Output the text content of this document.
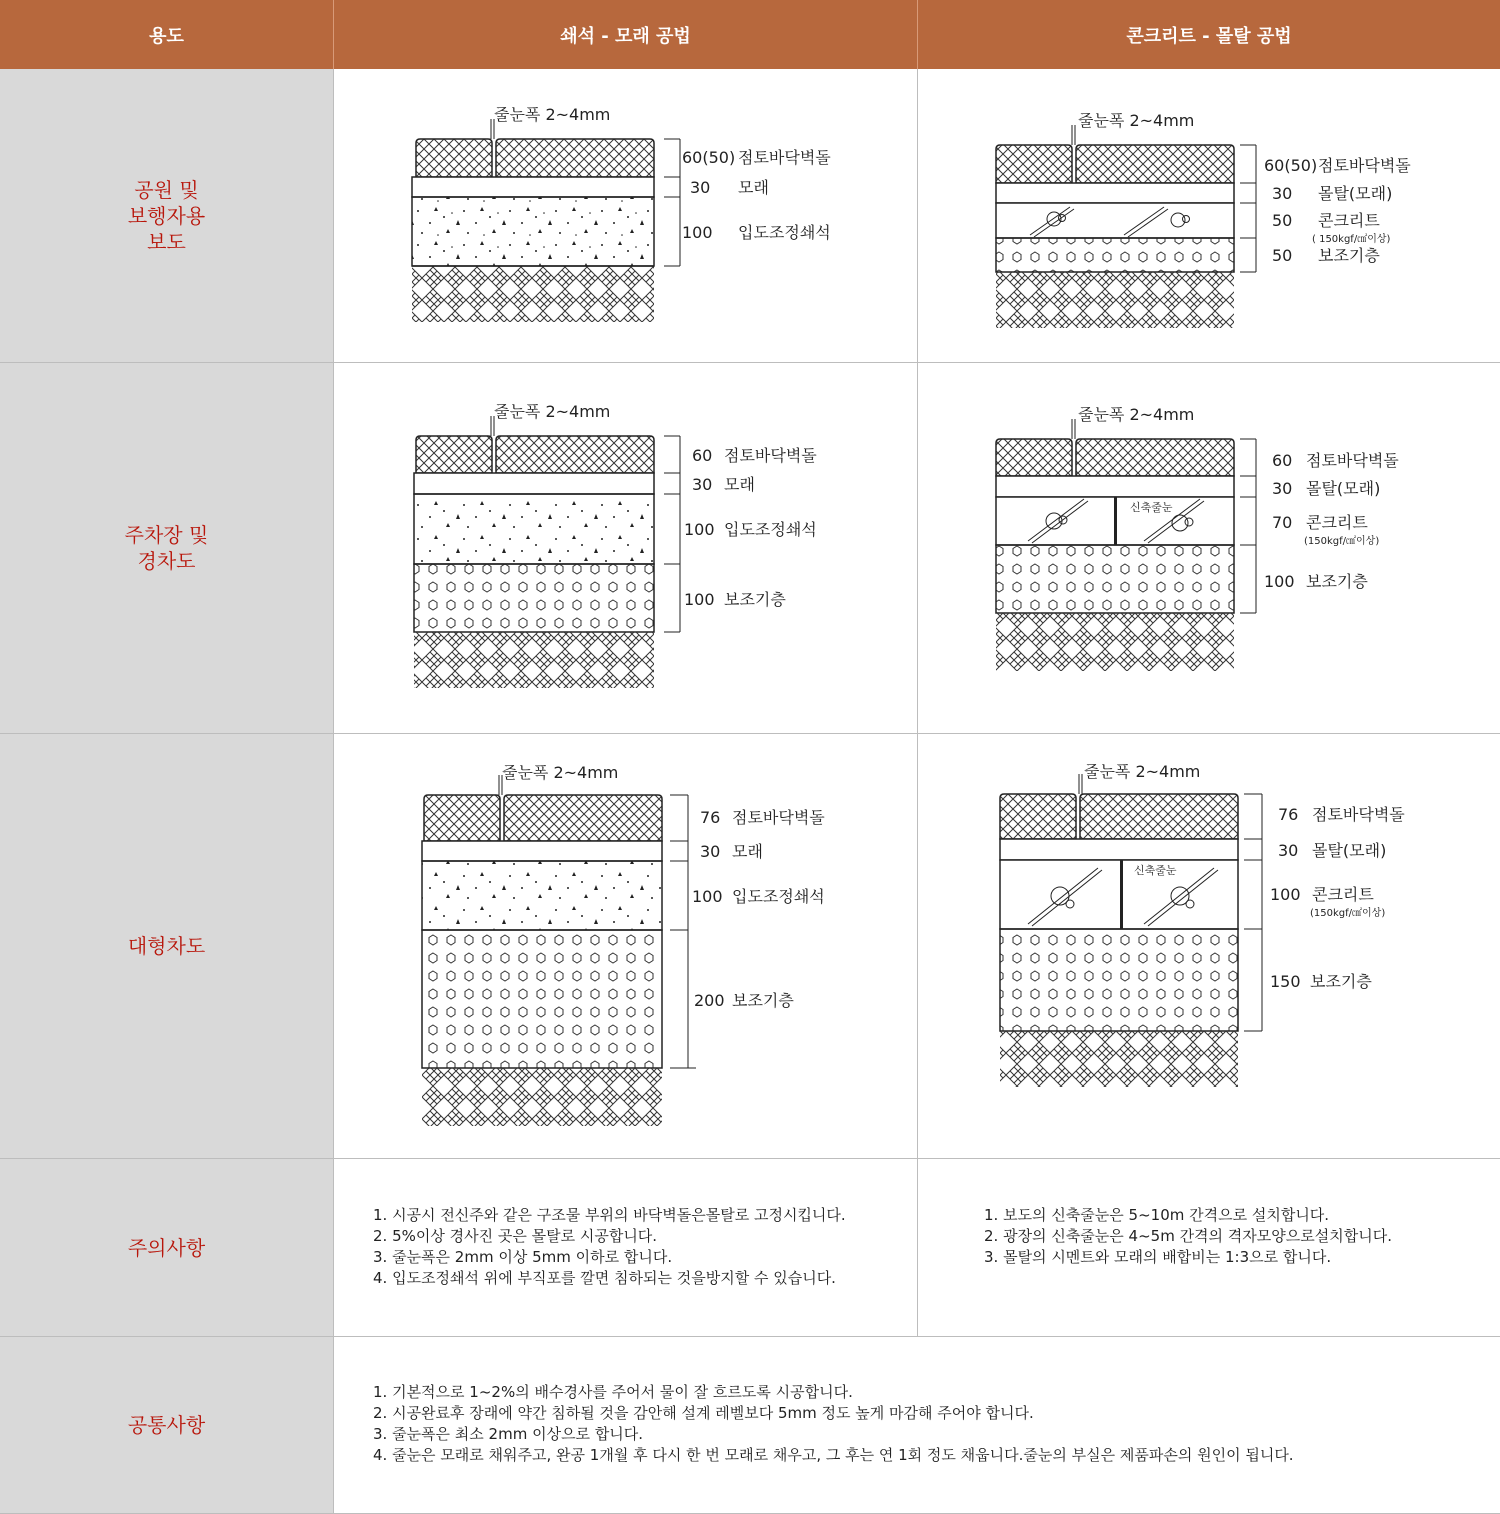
용도	쇄석 - 모래 공법	콘크리트 - 몰탈 공법
공원 및
보행자용
보도
주차장 및
경차도
대형차도
주의사항
공통사항
줄눈폭 2~4mm
60(50) 점토바닥벽돌
30 모래
100 입도조정쇄석
줄눈폭 2~4mm
60(50) 점토바닥벽돌
30 몰탈(모래)
50 콘크리트
( 150kgf/㎠이상)
50 보조기층
줄눈폭 2~4mm
60 점토바닥벽돌
30 모래
100 입도조정쇄석
100 보조기층
신축줄눈
줄눈폭 2~4mm
60 점토바닥벽돌
30 몰탈(모래)
70 콘크리트
(150kgf/㎠이상)
100 보조기층
줄눈폭 2~4mm
76 점토바닥벽돌
30 모래
100 입도조정쇄석
200 보조기층
신축줄눈
줄눈폭 2~4mm
76 점토바닥벽돌
30 몰탈(모래)
100 콘크리트
(150kgf/㎠이상)
150 보조기층
1. 시공시 전신주와 같은 구조물 부위의 바닥벽돌은몰탈로 고정시킵니다.
2. 5%이상 경사진 곳은 몰탈로 시공합니다.
3. 줄눈폭은 2mm 이상 5mm 이하로 합니다.
4. 입도조정쇄석 위에 부직포를 깔면 침하되는 것을방지할 수 있습니다.
1. 보도의 신축줄눈은 5~10m 간격으로 설치합니다.
2. 광장의 신축줄눈은 4~5m 간격의 격자모양으로설치합니다.
3. 몰탈의 시멘트와 모래의 배합비는 1:3으로 합니다.
1. 기본적으로 1~2%의 배수경사를 주어서 물이 잘 흐르도록 시공합니다.
2. 시공완료후 장래에 약간 침하될 것을 감안해 설계 레벨보다 5mm 정도 높게 마감해 주어야 합니다.
3. 줄눈폭은 최소 2mm 이상으로 합니다.
4. 줄눈은 모래로 채워주고, 완공 1개월 후 다시 한 번 모래로 채우고, 그 후는 연 1회 정도 채웁니다.줄눈의 부실은 제품파손의 원인이 됩니다.
